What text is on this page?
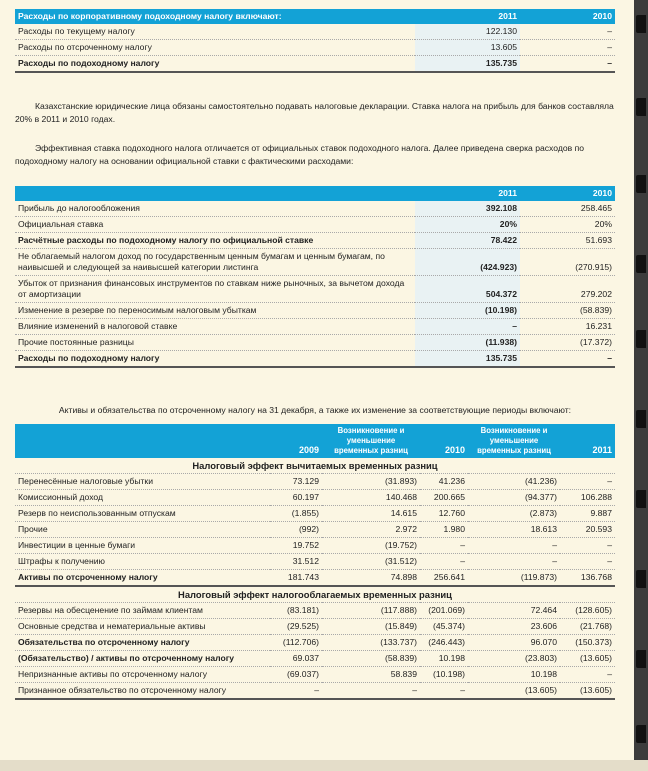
Расходы по корпоративному подоходному налогу включают:	2011	2010
Расходы по текущему налогу	122.130	–
Расходы по отсроченному налогу	13.605	–
Расходы по подоходному налогу	135.735	–

Казахстанские юридические лица обязаны самостоятельно подавать налоговые декларации. Ставка налога на прибыль для банков составляла 20% в 2011 и 2010 годах.

Эффективная ставка подоходного налога отличается от официальных ставок подоходного налога. Далее приведена сверка расходов по подоходному налогу на основании официальной ставки с фактическими расходами:

	2011	2010
Прибыль до налогообложения	392.108	258.465
Официальная ставка	20%	20%
Расчётные расходы по подоходному налогу по официальной ставке	78.422	51.693
Не облагаемый налогом доход по государственным ценным бумагам и ценным бумагам, по наивысшей и следующей за наивысшей категории листинга	(424.923)	(270.915)
Убыток от признания финансовых инструментов по ставкам ниже рыночных, за вычетом дохода от амортизации	504.372	279.202
Изменение в резерве по переносимым налоговым убыткам	(10.198)	(58.839)
Влияние изменений в налоговой ставке	–	16.231
Прочие постоянные разницы	(11.938)	(17.372)
Расходы по подоходному налогу	135.735	–

Активы и обязательства по отсроченному налогу на 31 декабря, а также их изменение за соответствующие периоды включают:

	2009	Возникновение и уменьшение временных разниц	2010	Возникновение и уменьшение временных разниц	2011
Налоговый эффект вычитаемых временных разниц					
Перенесённые налоговые убытки	73.129	(31.893)	41.236	(41.236)	–
Комиссионный доход	60.197	140.468	200.665	(94.377)	106.288
Резерв по неиспользованным отпускам	(1.855)	14.615	12.760	(2.873)	9.887
Прочие	(992)	2.972	1.980	18.613	20.593
Инвестиции в ценные бумаги	19.752	(19.752)	–	–	–
Штрафы к получению	31.512	(31.512)	–	–	–
Активы по отсроченному налогу	181.743	74.898	256.641	(119.873)	136.768
Налоговый эффект налогооблагаемых временных разниц					
Резервы на обесценение по займам клиентам	(83.181)	(117.888)	(201.069)	72.464	(128.605)
Основные средства и нематериальные активы	(29.525)	(15.849)	(45.374)	23.606	(21.768)
Обязательства по отсроченному налогу	(112.706)	(133.737)	(246.443)	96.070	(150.373)
(Обязательство) / активы по отсроченному налогу	69.037	(58.839)	10.198	(23.803)	(13.605)
Непризнанные активы по отсроченному налогу	(69.037)	58.839	(10.198)	10.198	–
Признанное обязательство по отсроченному налогу	–	–	–	(13.605)	(13.605)
